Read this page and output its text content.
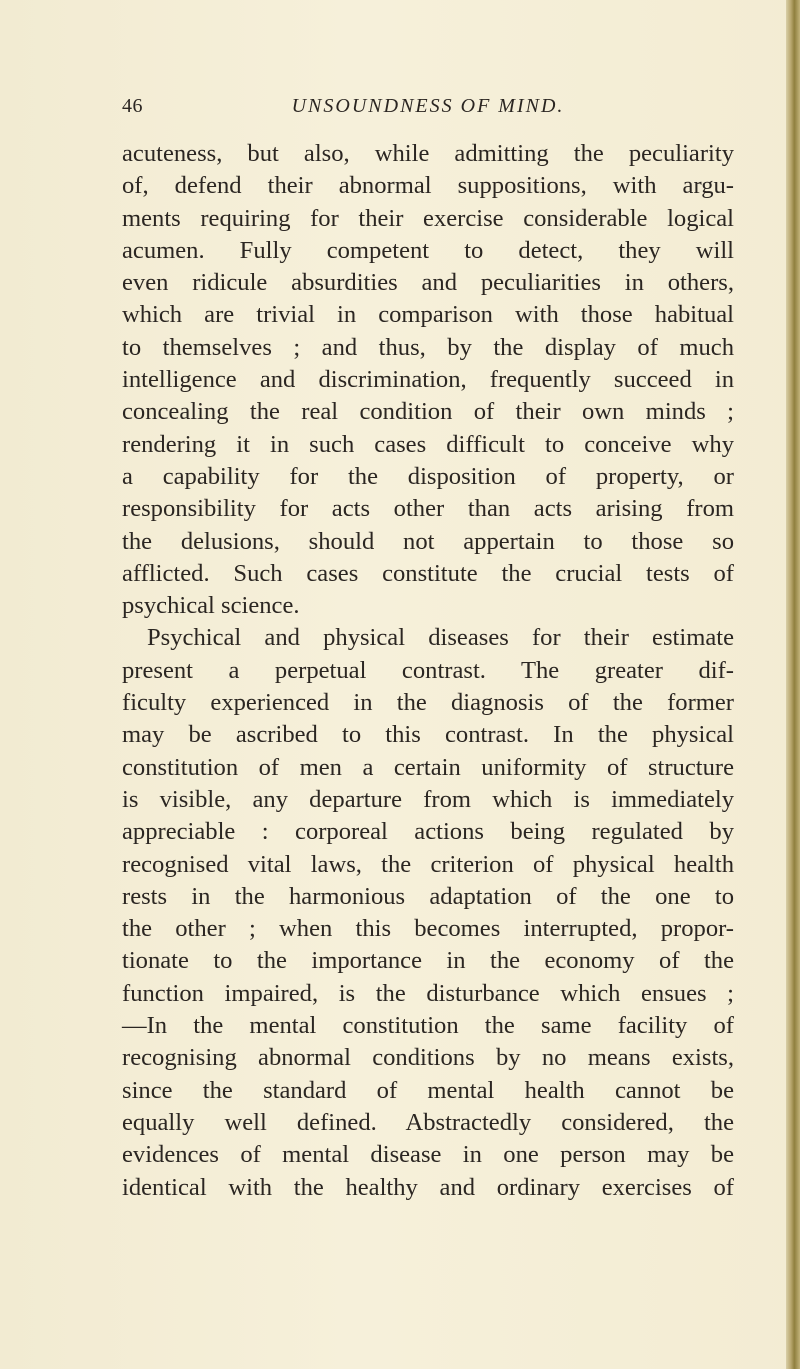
46	UNSOUNDNESS OF MIND.
acuteness, but also, while admitting the peculiarity
of, defend their abnormal suppositions, with argu-
ments requiring for their exercise considerable logical
acumen. Fully competent to detect, they will
even ridicule absurdities and peculiarities in others,
which are trivial in comparison with those habitual
to themselves ; and thus, by the display of much
intelligence and discrimination, frequently succeed in
concealing the real condition of their own minds ;
rendering it in such cases difficult to conceive why
a capability for the disposition of property, or
responsibility for acts other than acts arising from
the delusions, should not appertain to those so
afflicted. Such cases constitute the crucial tests of
psychical science.
Psychical and physical diseases for their estimate
present a perpetual contrast. The greater dif-
ficulty experienced in the diagnosis of the former
may be ascribed to this contrast. In the physical
constitution of men a certain uniformity of structure
is visible, any departure from which is immediately
appreciable : corporeal actions being regulated by
recognised vital laws, the criterion of physical health
rests in the harmonious adaptation of the one to
the other ; when this becomes interrupted, propor-
tionate to the importance in the economy of the
function impaired, is the disturbance which ensues ;
—In the mental constitution the same facility of
recognising abnormal conditions by no means exists,
since the standard of mental health cannot be
equally well defined. Abstractedly considered, the
evidences of mental disease in one person may be
identical with the healthy and ordinary exercises of
